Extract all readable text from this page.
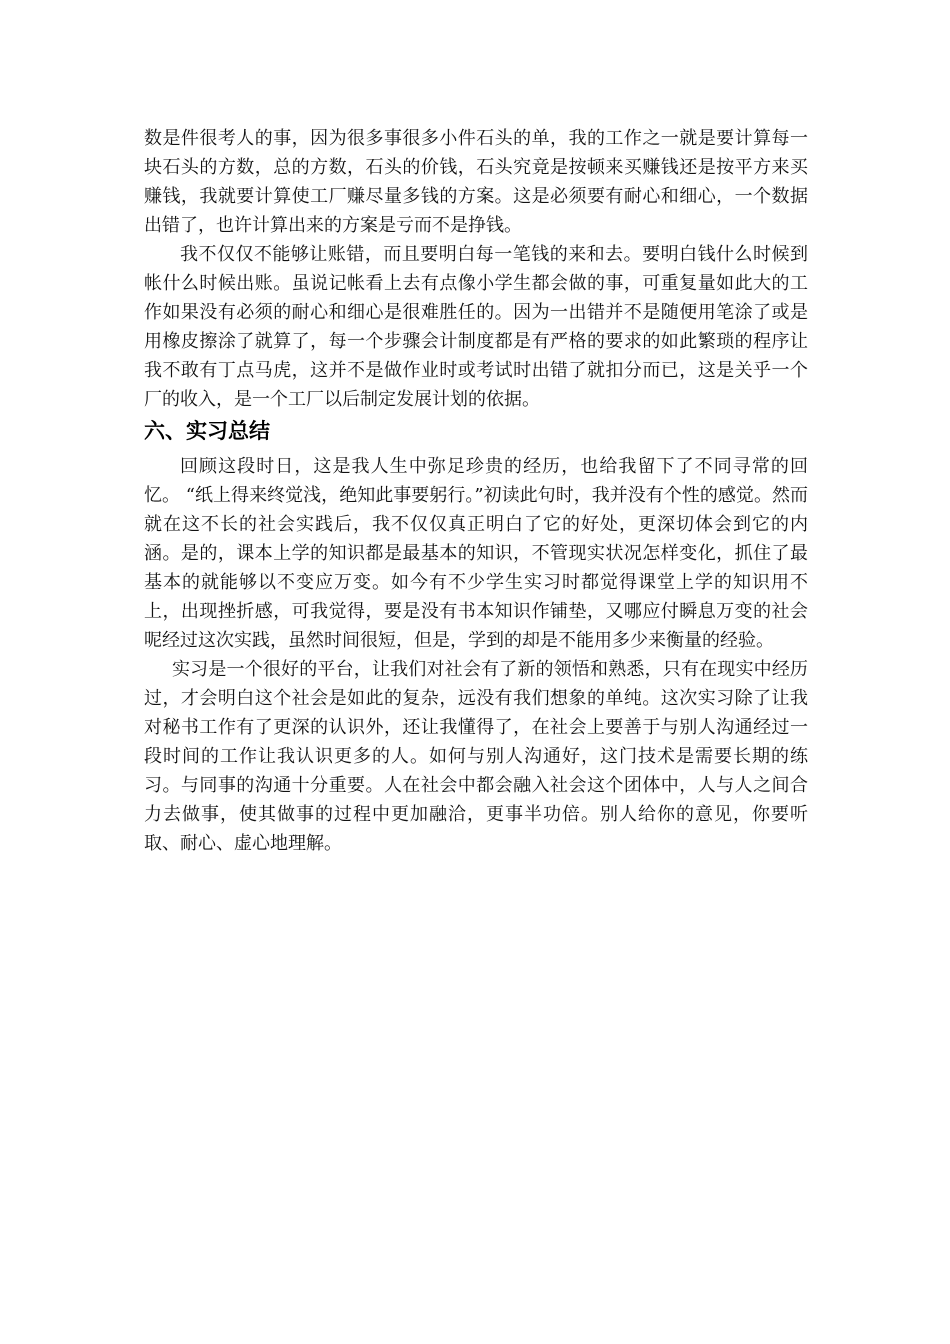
数是件很考人的事，因为很多事很多小件石头的单，我的工作之一就是要计算每一块石头的方数，总的方数，石头的价钱，石头究竟是按顿来买赚钱还是按平方来买赚钱，我就要计算使工厂赚尽量多钱的方案。这是必须要有耐心和细心，一个数据出错了，也许计算出来的方案是亏而不是挣钱。

我不仅仅不能够让账错，而且要明白每一笔钱的来和去。要明白钱什么时候到帐什么时候出账。虽说记帐看上去有点像小学生都会做的事，可重复量如此大的工作如果没有必须的耐心和细心是很难胜任的。因为一出错并不是随便用笔涂了或是用橡皮擦涂了就算了，每一个步骤会计制度都是有严格的要求的如此繁琐的程序让我不敢有丁点马虎，这并不是做作业时或考试时出错了就扣分而已，这是关乎一个厂的收入，是一个工厂以后制定发展计划的依据。

六、实习总结

回顾这段时日，这是我人生中弥足珍贵的经历，也给我留下了不同寻常的回忆。 “纸上得来终觉浅，绝知此事要躬行。”初读此句时，我并没有个性的感觉。然而就在这不长的社会实践后，我不仅仅真正明白了它的好处，更深切体会到它的内涵。是的，课本上学的知识都是最基本的知识，不管现实状况怎样变化，抓住了最基本的就能够以不变应万变。如今有不少学生实习时都觉得课堂上学的知识用不上，出现挫折感，可我觉得，要是没有书本知识作铺垫，又哪应付瞬息万变的社会呢经过这次实践，虽然时间很短，但是，学到的却是不能用多少来衡量的经验。

实习是一个很好的平台，让我们对社会有了新的领悟和熟悉，只有在现实中经历过，才会明白这个社会是如此的复杂，远没有我们想象的单纯。这次实习除了让我对秘书工作有了更深的认识外，还让我懂得了，在社会上要善于与别人沟通经过一段时间的工作让我认识更多的人。如何与别人沟通好，这门技术是需要长期的练习。与同事的沟通十分重要。人在社会中都会融入社会这个团体中，人与人之间合力去做事，使其做事的过程中更加融洽，更事半功倍。别人给你的意见，你要听取、耐心、虚心地理解。
